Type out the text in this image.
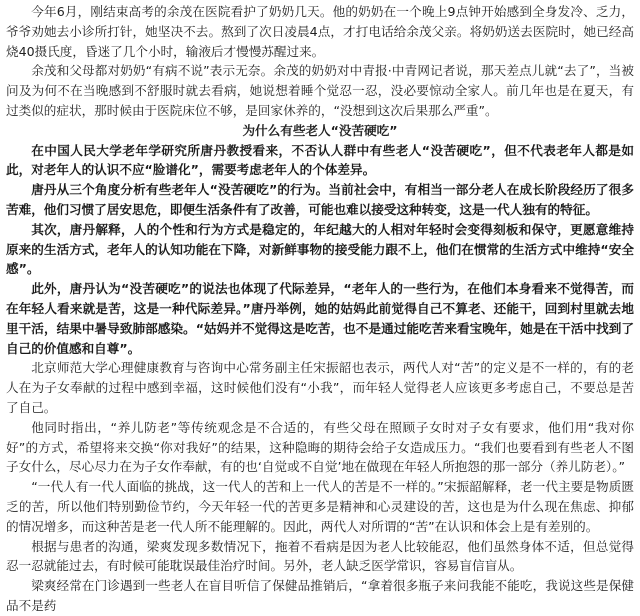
今年6月，刚结束高考的余茂在医院看护了奶奶几天。他的奶奶在一个晚上9点钟开始感到全身发冷、乏力，爷爷劝她去小诊所打针，她坚决不去。熬到了次日凌晨4点，才打电话给余茂父亲。将奶奶送去医院时，她已经高烧40摄氏度，昏迷了几个小时，输液后才慢慢苏醒过来。

余茂和父母都对奶奶“有病不说”表示无奈。余茂的奶奶对中青报·中青网记者说，那天差点儿就“去了”，当被问及为何不在当晚感到不舒服时就去看病，她说想着睡个觉忍一忍，没必要惊动全家人。前几年也是在夏天，有过类似的症状，那时候由于医院床位不够，是回家休养的，“没想到这次后果那么严重”。

为什么有些老人“没苦硬吃”

在中国人民大学老年学研究所唐丹教授看来，不否认人群中有些老人“没苦硬吃”，但不代表老年人都是如此，对老年人的认识不应“脸谱化”，需要考虑老年人的个体差异。

唐丹从三个角度分析有些老年人“没苦硬吃”的行为。当前社会中，有相当一部分老人在成长阶段经历了很多苦难，他们习惯了居安思危，即便生活条件有了改善，可能也难以接受这种转变，这是一代人独有的特征。

其次，唐丹解释，人的个性和行为方式是稳定的，年纪越大的人相对年轻时会变得刻板和保守，更愿意维持原来的生活方式，老年人的认知功能在下降，对新鲜事物的接受能力跟不上，他们在惯常的生活方式中维持“安全感”。

此外，唐丹认为“没苦硬吃”的说法也体现了代际差异，“老年人的一些行为，在他们本身看来不觉得苦，而在年轻人看来就是苦，这是一种代际差异。”唐丹举例，她的姑妈此前觉得自己不算老、还能干，回到村里就去地里干活，结果中暑导致肺部感染。“姑妈并不觉得这是吃苦，也不是通过能吃苦来看宝晚年，她是在干活中找到了自己的价值感和自尊”。

北京师范大学心理健康教育与咨询中心常务副主任宋振韶也表示，两代人对“苦”的定义是不一样的，有的老人在为子女奉献的过程中感到幸福，这时候他们没有“小我”，而年轻人觉得老人应该更多考虑自己，不要总是苦了自己。

他同时指出，“养儿防老”等传统观念是不合适的，有些父母在照顾子女时对子女有要求，他们用“我对你好”的方式，希望将来交换“你对我好”的结果，这种隐晦的期待会给子女造成压力。“我们也要看到有些老人不图子女什么，尽心尽力在为子女作奉献，有的也‘自觉或不自觉’地在做现在年轻人所抱怨的那一部分（养儿防老）。”

“一代人有一代人面临的挑战，这一代人的苦和上一代人的苦是不一样的。”宋振韶解释，老一代主要是物质匮乏的苦，所以他们特别勤俭节约，今天年轻一代的苦更多是精神和心灵建设的苦，这也是为什么现在焦虑、抑郁的情况增多，而这种苦是老一代人所不能理解的。因此，两代人对所谓的“苦”在认识和体会上是有差别的。

根据与患者的沟通，梁爽发现多数情况下，拖着不看病是因为老人比较能忍，他们虽然身体不适，但总觉得忍一忍就能过去，有时候可能耽误最佳治疗时间。另外，老人缺乏医学常识，容易盲信盲从。

梁爽经常在门诊遇到一些老人在盲目听信了保健品推销后，“拿着很多瓶子来问我能不能吃，我说这些是保健品不是药
